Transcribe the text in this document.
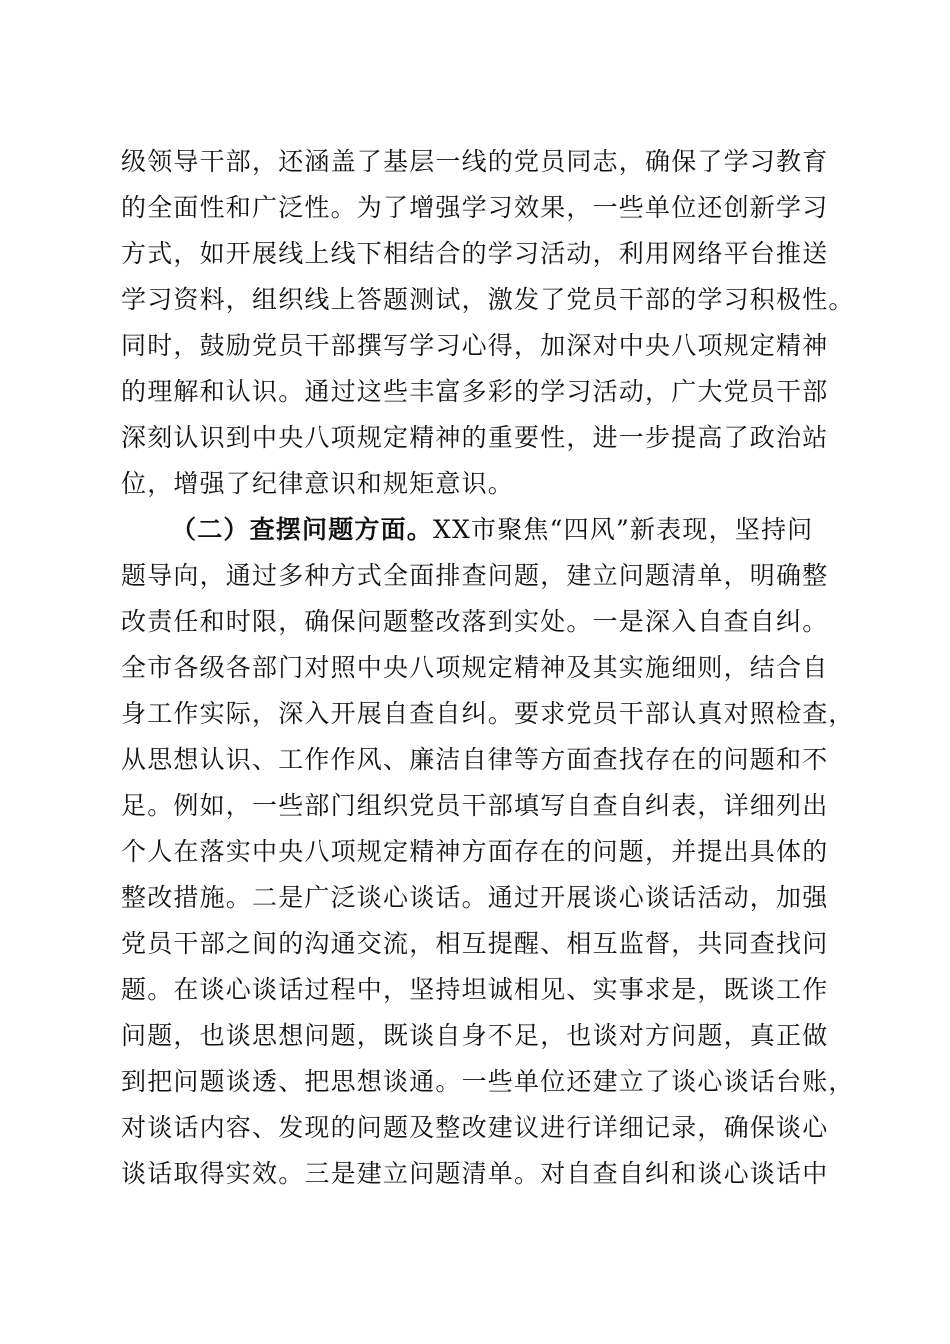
级领导干部，还涵盖了基层一线的党员同志，确保了学习教育
的全面性和广泛性。为了增强学习效果，一些单位还创新学习
方式，如开展线上线下相结合的学习活动，利用网络平台推送
学习资料，组织线上答题测试，激发了党员干部的学习积极性。
同时，鼓励党员干部撰写学习心得，加深对中央八项规定精神
的理解和认识。通过这些丰富多彩的学习活动，广大党员干部
深刻认识到中央八项规定精神的重要性，进一步提高了政治站
位，增强了纪律意识和规矩意识。
（二）查摆问题方面。XX市聚焦“四风”新表现，坚持问
题导向，通过多种方式全面排查问题，建立问题清单，明确整
改责任和时限，确保问题整改落到实处。一是深入自查自纠。
全市各级各部门对照中央八项规定精神及其实施细则，结合自
身工作实际，深入开展自查自纠。要求党员干部认真对照检查，
从思想认识、工作作风、廉洁自律等方面查找存在的问题和不
足。例如，一些部门组织党员干部填写自查自纠表，详细列出
个人在落实中央八项规定精神方面存在的问题，并提出具体的
整改措施。二是广泛谈心谈话。通过开展谈心谈话活动，加强
党员干部之间的沟通交流，相互提醒、相互监督，共同查找问
题。在谈心谈话过程中，坚持坦诚相见、实事求是，既谈工作
问题，也谈思想问题，既谈自身不足，也谈对方问题，真正做
到把问题谈透、把思想谈通。一些单位还建立了谈心谈话台账，
对谈话内容、发现的问题及整改建议进行详细记录，确保谈心
谈话取得实效。三是建立问题清单。对自查自纠和谈心谈话中
